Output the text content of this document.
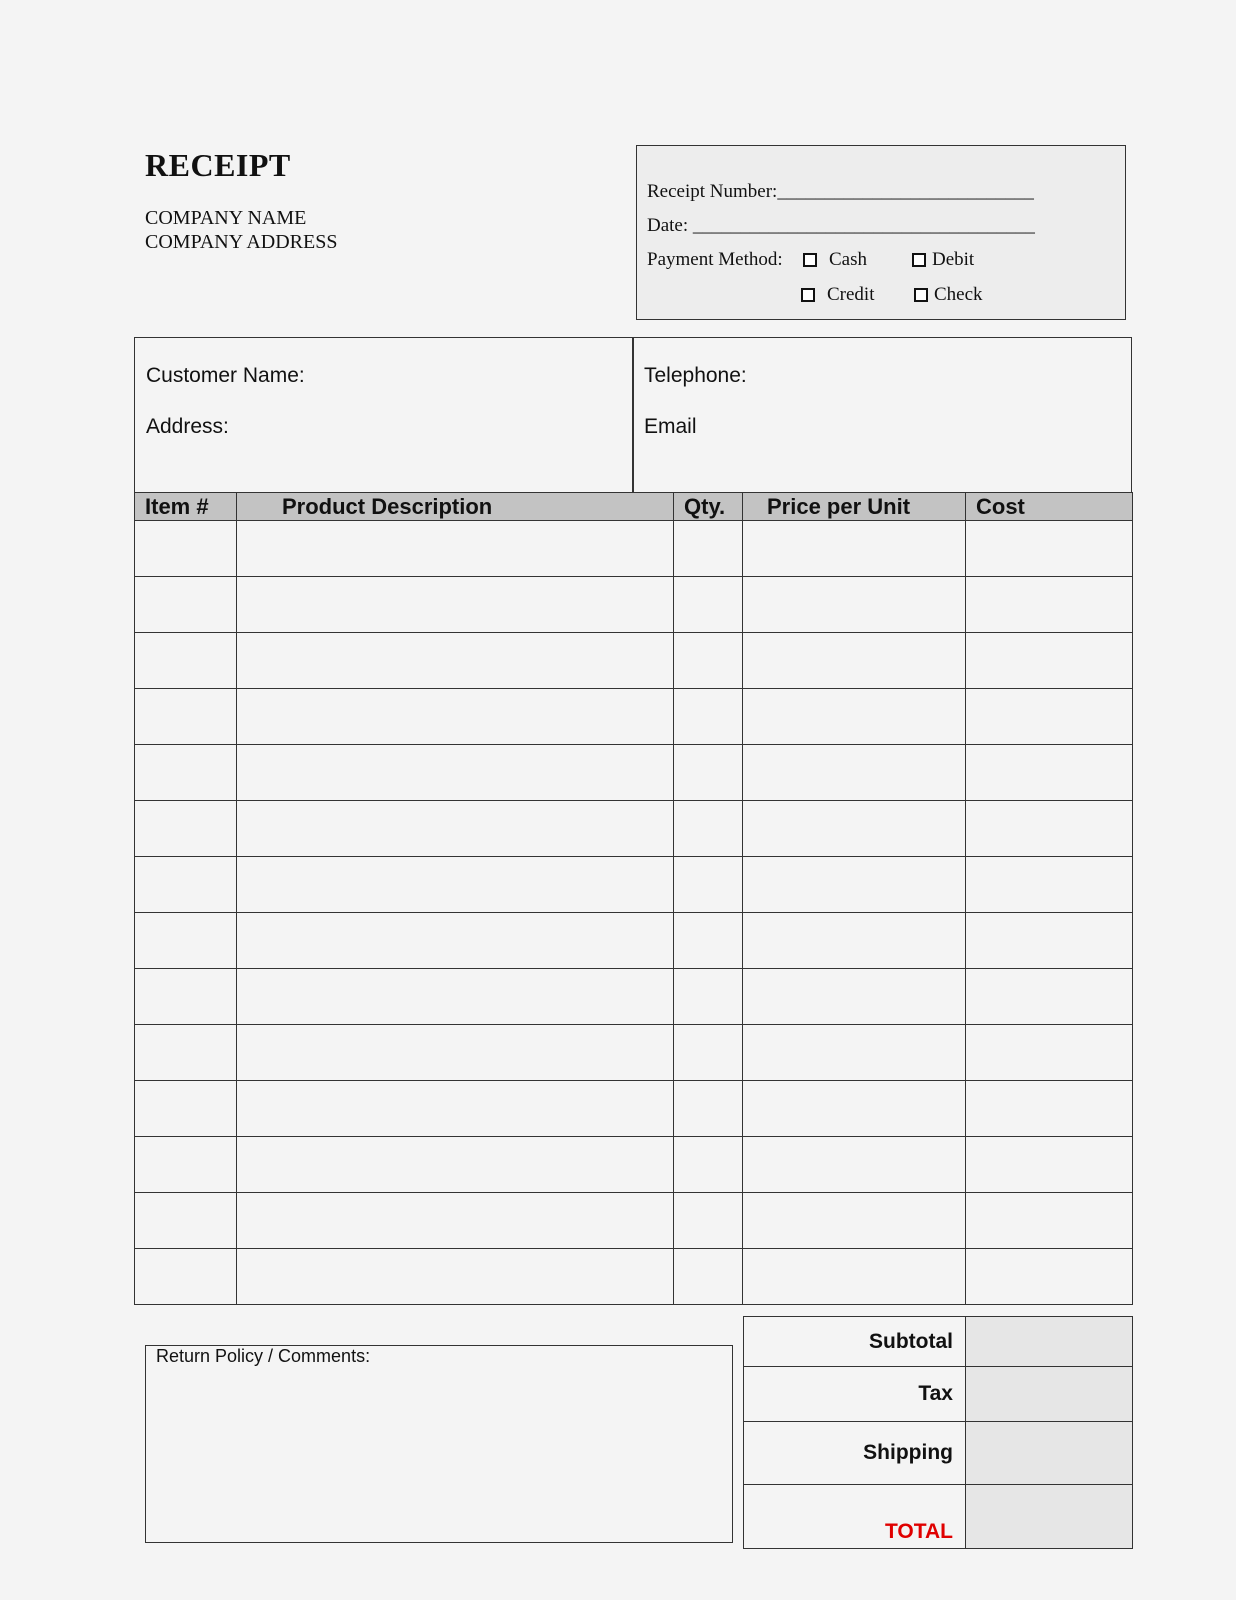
RECEIPT
COMPANY NAME
COMPANY ADDRESS
Receipt Number:___________________________
Date: ____________________________________
Payment Method: Cash	Debit
Credit	Check
Customer Name:
Address:
Telephone:
Email
Item #	Product Description	Qty.	Price per Unit	Cost

Return Policy / Comments:
Subtotal	
Tax	
Shipping	
TOTAL	
